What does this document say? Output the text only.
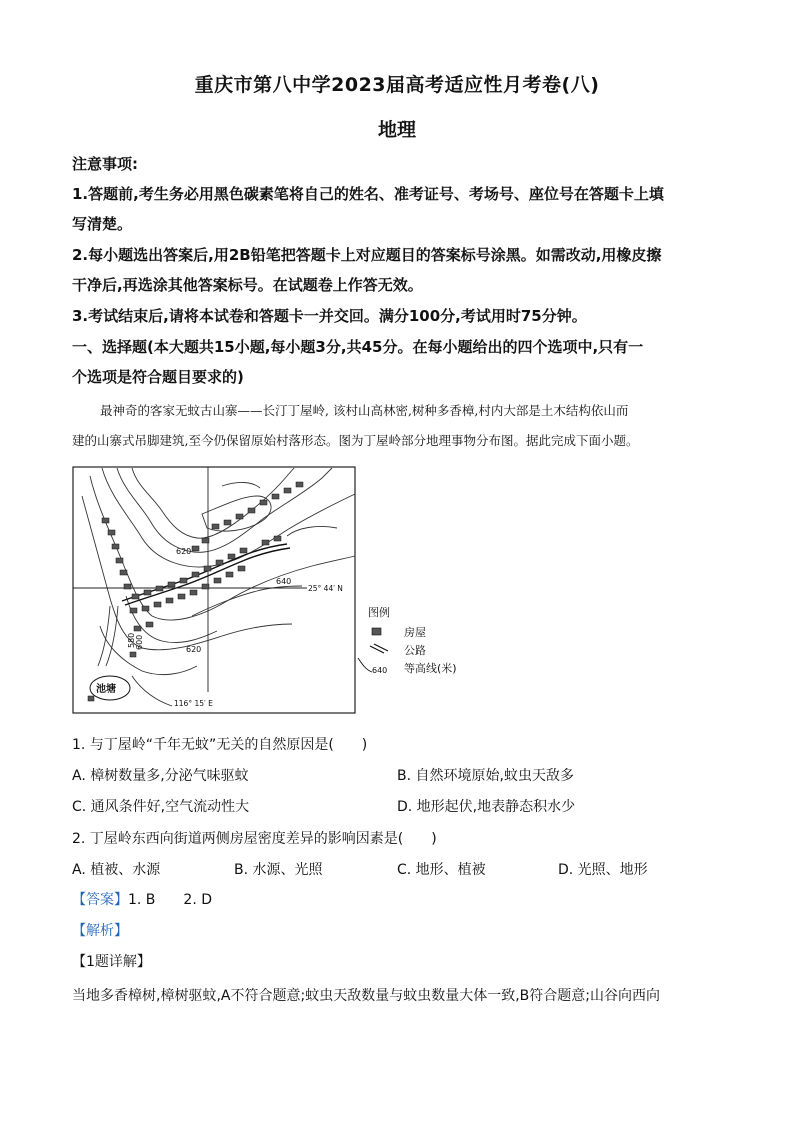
重庆市第八中学2023届高考适应性月考卷(八)
地理
注意事项:
1.答题前,考生务必用黑色碳素笔将自己的姓名、准考证号、考场号、座位号在答题卡上填
写清楚。
2.每小题选出答案后,用2B铅笔把答题卡上对应题目的答案标号涂黑。如需改动,用橡皮擦
干净后,再选涂其他答案标号。在试题卷上作答无效。
3.考试结束后,请将本试卷和答题卡一并交回。满分100分,考试用时75分钟。
一、选择题(本大题共15小题,每小题3分,共45分。在每小题给出的四个选项中,只有一
个选项是符合题目要求的)
最神奇的客家无蚊古山寨——长汀丁屋岭, 该村山高林密,树种多香樟,村内大部是土木结构依山而
建的山寨式吊脚建筑,至今仍保留原始村落形态。图为丁屋岭部分地理事物分布图。据此完成下面小题。
620
640
620
580 600
25° 44′ N
116° 15′ E
池塘
图例
房屋
公路
640 等高线(米)
1. 与丁屋岭“千年无蚊”无关的自然原因是(　　)
A. 樟树数量多,分泌气味驱蚊	B. 自然环境原始,蚊虫天敌多
C. 通风条件好,空气流动性大	D. 地形起伏,地表静态积水少
2. 丁屋岭东西向街道两侧房屋密度差异的影响因素是(　　)
A. 植被、水源	B. 水源、光照	C. 地形、植被	D. 光照、地形
【答案】1. B　　2. D
【解析】
【1题详解】
当地多香樟树,樟树驱蚊,A不符合题意;蚊虫天敌数量与蚊虫数量大体一致,B符合题意;山谷向西向
